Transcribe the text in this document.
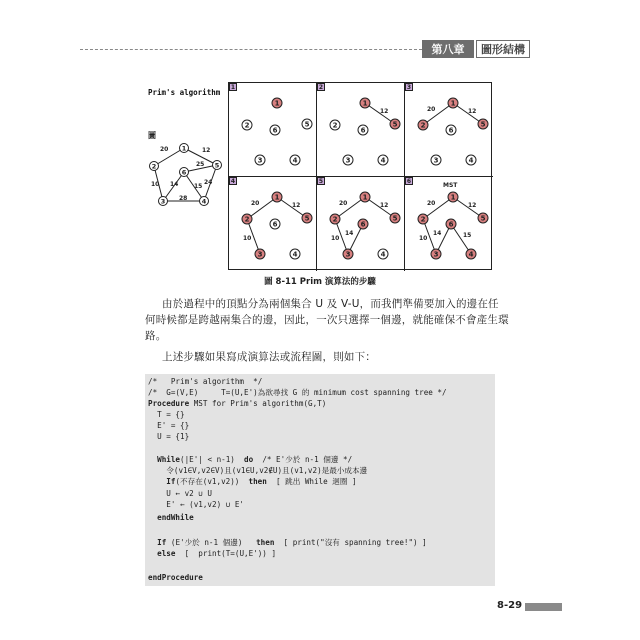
第八章	圖形結構
Prim's algorithm
圖
20	12
25
10 14	15
24
28
1
2
3	4
5
6
1
1
2
6
5
3	4
2
12
1
2
6
5
3	4
3
20	12
1
2
6
5
3	4
4
20	12
10
1
2
6
5
3	4
5
20	12
10
14
1
2
6
5
3	4
6
MST
20	12
10
14	15
1
2
6
5
3	4
圖 8-11 Prim 演算法的步驟
由於過程中的頂點分為兩個集合 U 及 V-U，而我們準備要加入的邊在任
何時候都是跨越兩集合的邊，因此，一次只選擇一個邊，就能確保不會產生環
路。
上述步驟如果寫成演算法或流程圖，則如下：
/*   Prim's algorithm  */
/*  G=(V,E)     T=(U,E')為欲尋找 G 的 minimum cost spanning tree */
Procedure MST for Prim's algorithm(G,T)
T = {}
E' = {}
U = {1}
While(|E'| < n-1)  do  /* E'少於 n-1 個邊 */
令(v1∈V,v2∈V)且(v1∈U,v2∉U)且(v1,v2)是最小成本邊
If(不存在(v1,v2))  then  [ 跳出 While 迴圈 ]
U ← v2 ∪ U
E' ← (v1,v2) ∪ E'
endWhile
If (E'少於 n-1 個邊)   then  [ print("沒有 spanning tree!") ]
else  [  print(T=(U,E')) ]
endProcedure
8-29
